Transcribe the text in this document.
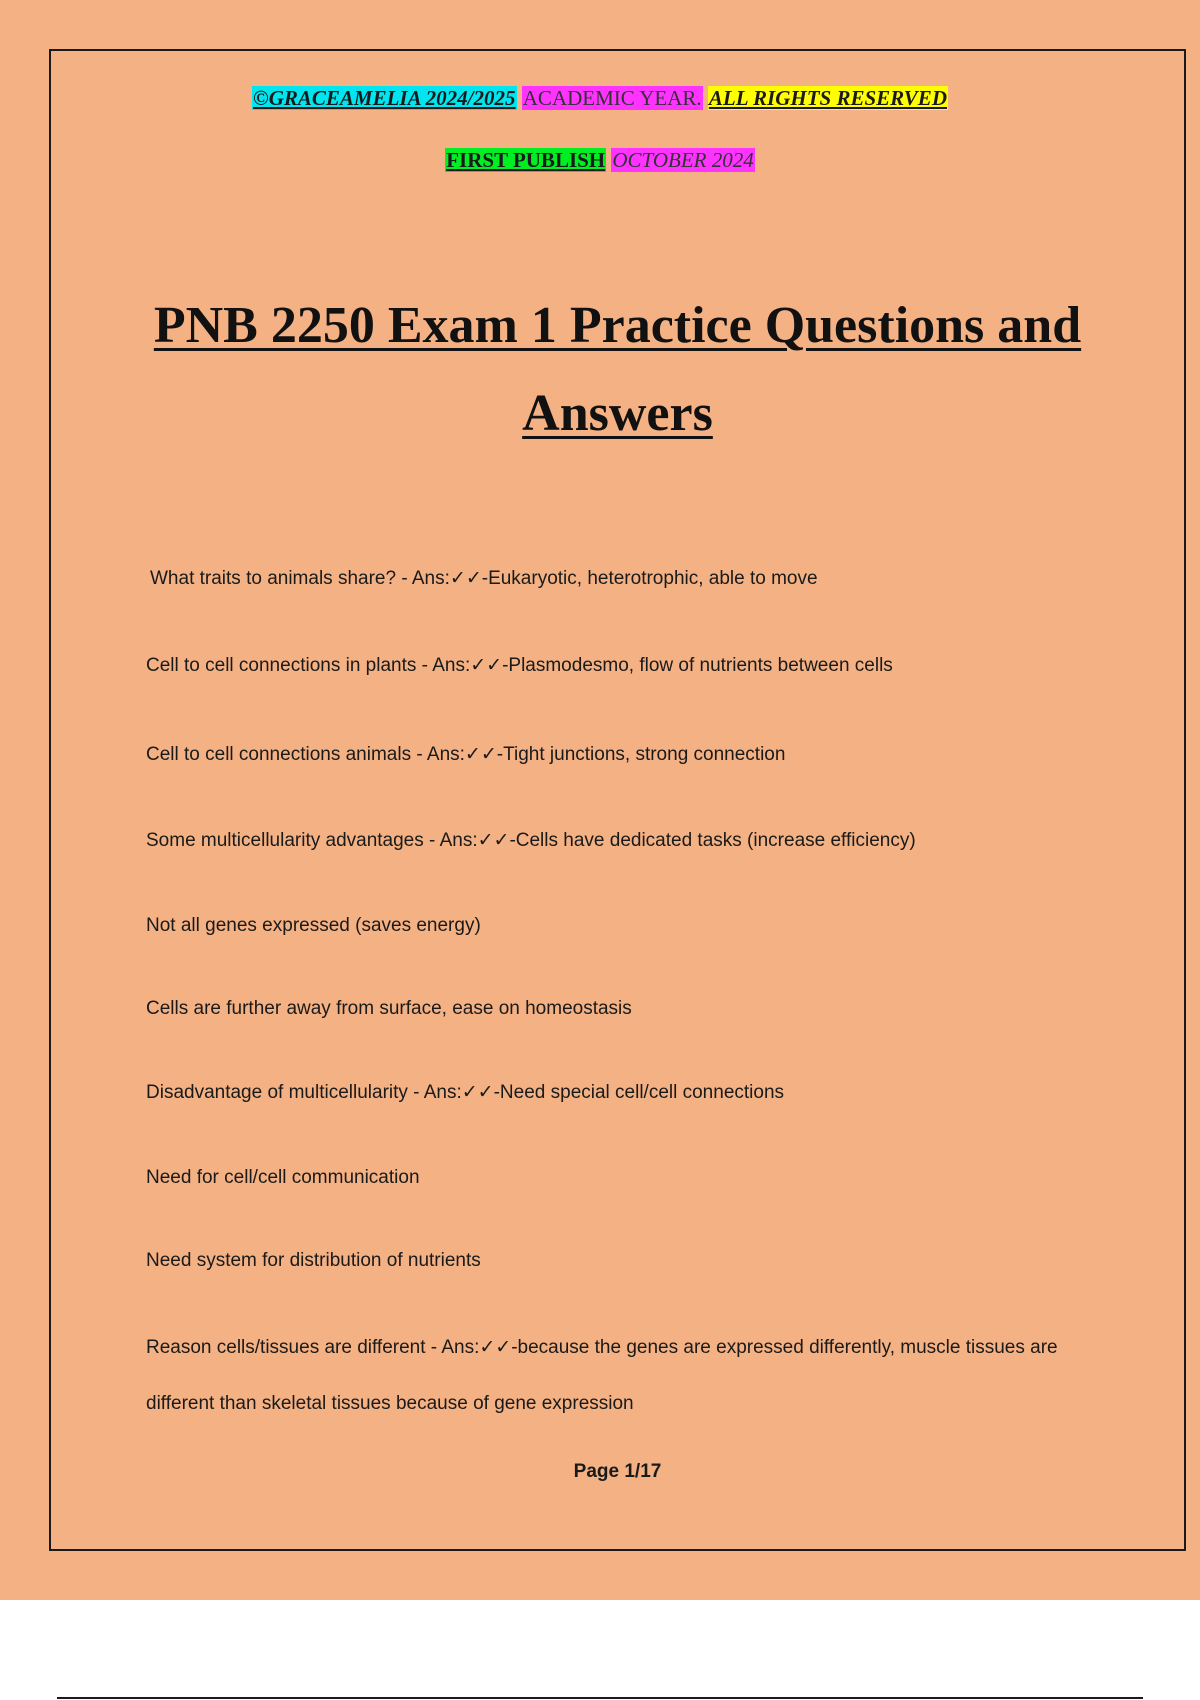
©GRACEAMELIA 2024/2025 ACADEMIC YEAR. ALL RIGHTS RESERVED
FIRST PUBLISH OCTOBER 2024
PNB 2250 Exam 1 Practice Questions and Answers
What traits to animals share? - Ans:✓✓-Eukaryotic, heterotrophic, able to move
Cell to cell connections in plants - Ans:✓✓-Plasmodesmo, flow of nutrients between cells
Cell to cell connections animals - Ans:✓✓-Tight junctions, strong connection
Some multicellularity advantages - Ans:✓✓-Cells have dedicated tasks (increase efficiency)
Not all genes expressed (saves energy)
Cells are further away from surface, ease on homeostasis
Disadvantage of multicellularity - Ans:✓✓-Need special cell/cell connections
Need for cell/cell communication
Need system for distribution of nutrients
Reason cells/tissues are different - Ans:✓✓-because the genes are expressed differently, muscle tissues are different than skeletal tissues because of gene expression
Page 1/17
